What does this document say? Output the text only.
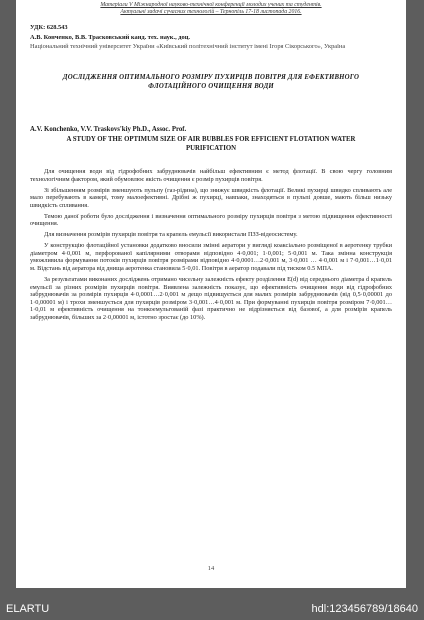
Матеріали V Міжнародної науково-технічної конференції молодих учених та студентів.
Актуальні задачі сучасних технологій – Тернопіль 17-18 листопада 2016.
УДК: 628.543
А.В. Конченко, В.В. Трасковський канд. тех. наук., доц.
Національний технічний університет України «Київський політехнічний інститут імені Ігоря Сікорського», Україна
ДОСЛІДЖЕННЯ ОПТИМАЛЬНОГО РОЗМІРУ ПУХИРЦІВ ПОВІТРЯ ДЛЯ ЕФЕКТИВНОГО ФЛОТАЦІЙНОГО ОЧИЩЕННЯ ВОДИ
A.V. Konchenko, V.V. Traskovs'kiy Ph.D., Assoc. Prof.
A STUDY OF THE OPTIMUM SIZE OF AIR BUBBLES FOR EFFICIENT FLOTATION WATER PURIFICATION

Для очищення води від гідрофобних забруднювачів найбільш ефективним є метод флотації. В свою чергу головним технологічним фактором, який обумовлює якість очищення є розмір пухирців повітря.

Зі збільшенням розмірів зменшують пульпу (газ-рідина), що знижує швидкість флотації. Великі пухирці швидко спливають але мало перебувають в камері, тому малоефективні. Дрібні ж пухирці, навпаки, знаходяться в пульпі довше, мають більш низьку швидкість спливання.

Темою даної роботи було дослідження і визначення оптимального розміру пухирців повітря з метою підвищення ефективності очищення.

Для визначення розмірів пухирців повітря та крапель емульсії використали ПЗЗ-відеосистему.

У конструкцію флотаційної установки додатково вносили змінні аератори у вигляді коаксіально розміщеної в аеротенку трубки діаметром 4·0,001 м, перфорованої капілярними отворами відповідно 4·0,001; 1·0,001; 5·0,001 м. Така змінна конструкція уможливила формування потоків пухирців повітря розмірами відповідно 4·0,0001…2·0,001 м, 3·0,001 … 4·0,001 м і 7·0,001…1·0,01 м. Відстань від аератора від днища аеротенка становила 5·0,01. Повітря в аератор подавали під тиском 0.5 МПА.

За результатами виконаних досліджень отримано чисельну залежність ефекту розділення E(d) від середнього діаметра d крапель емульсії за різних розмірів пухирців повітря. Виявлена залежність показує, що ефективність очищення води від гідрофобних забруднювачів за розмірів пухирців 4·0,0001…2·0,001 м дещо підвищується для малих розмірів забруднювачів (від 0,5·0,00001 до 1·0,00001 м) і трохи зменшується для пухирців розміром 3·0,001…4·0,001 м. При формуванні пухирців повітря розміром 7·0,001…1·0,01 м ефективність очищення на тонкоемульгованій фазі практично не відрізняється від базової, а для розмірів крапель забруднювачів, більших за 2·0,00001 м, істотно зростає (до 10%).

14
ELARTU	hdl:123456789/18640
